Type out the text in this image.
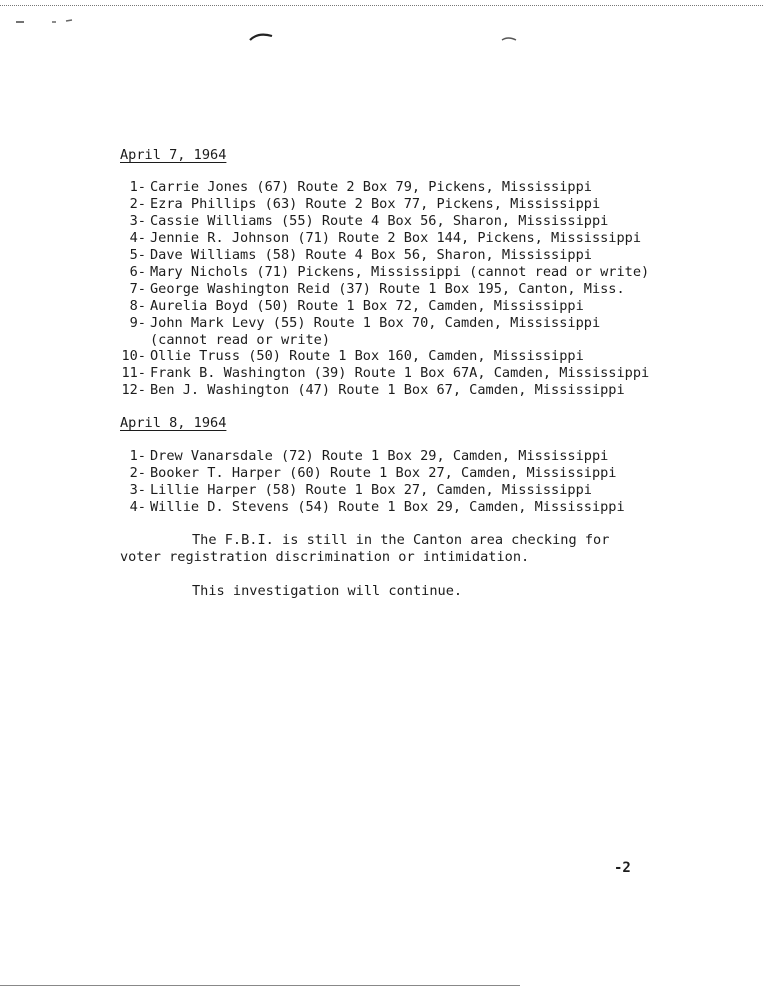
April 7, 1964
1- Carrie Jones (67) Route 2 Box 79, Pickens, Mississippi
2- Ezra Phillips (63) Route 2 Box 77, Pickens, Mississippi
3- Cassie Williams (55) Route 4 Box 56, Sharon, Mississippi
4- Jennie R. Johnson (71) Route 2 Box 144, Pickens, Mississippi
5- Dave Williams (58) Route 4 Box 56, Sharon, Mississippi
6- Mary Nichols (71) Pickens, Mississippi (cannot read or write)
7- George Washington Reid (37) Route 1 Box 195, Canton, Miss.
8- Aurelia Boyd (50) Route 1 Box 72, Camden, Mississippi
9- John Mark Levy (55) Route 1 Box 70, Camden, Mississippi
(cannot read or write)
10- Ollie Truss (50) Route 1 Box 160, Camden, Mississippi
11- Frank B. Washington (39) Route 1 Box 67A, Camden, Mississippi
12- Ben J. Washington (47) Route 1 Box 67, Camden, Mississippi
April 8, 1964
1- Drew Vanarsdale (72) Route 1 Box 29, Camden, Mississippi
2- Booker T. Harper (60) Route 1 Box 27, Camden, Mississippi
3- Lillie Harper (58) Route 1 Box 27, Camden, Mississippi
4- Willie D. Stevens (54) Route 1 Box 29, Camden, Mississippi
The F.B.I. is still in the Canton area checking for
voter registration discrimination or intimidation.
This investigation will continue.
-2
